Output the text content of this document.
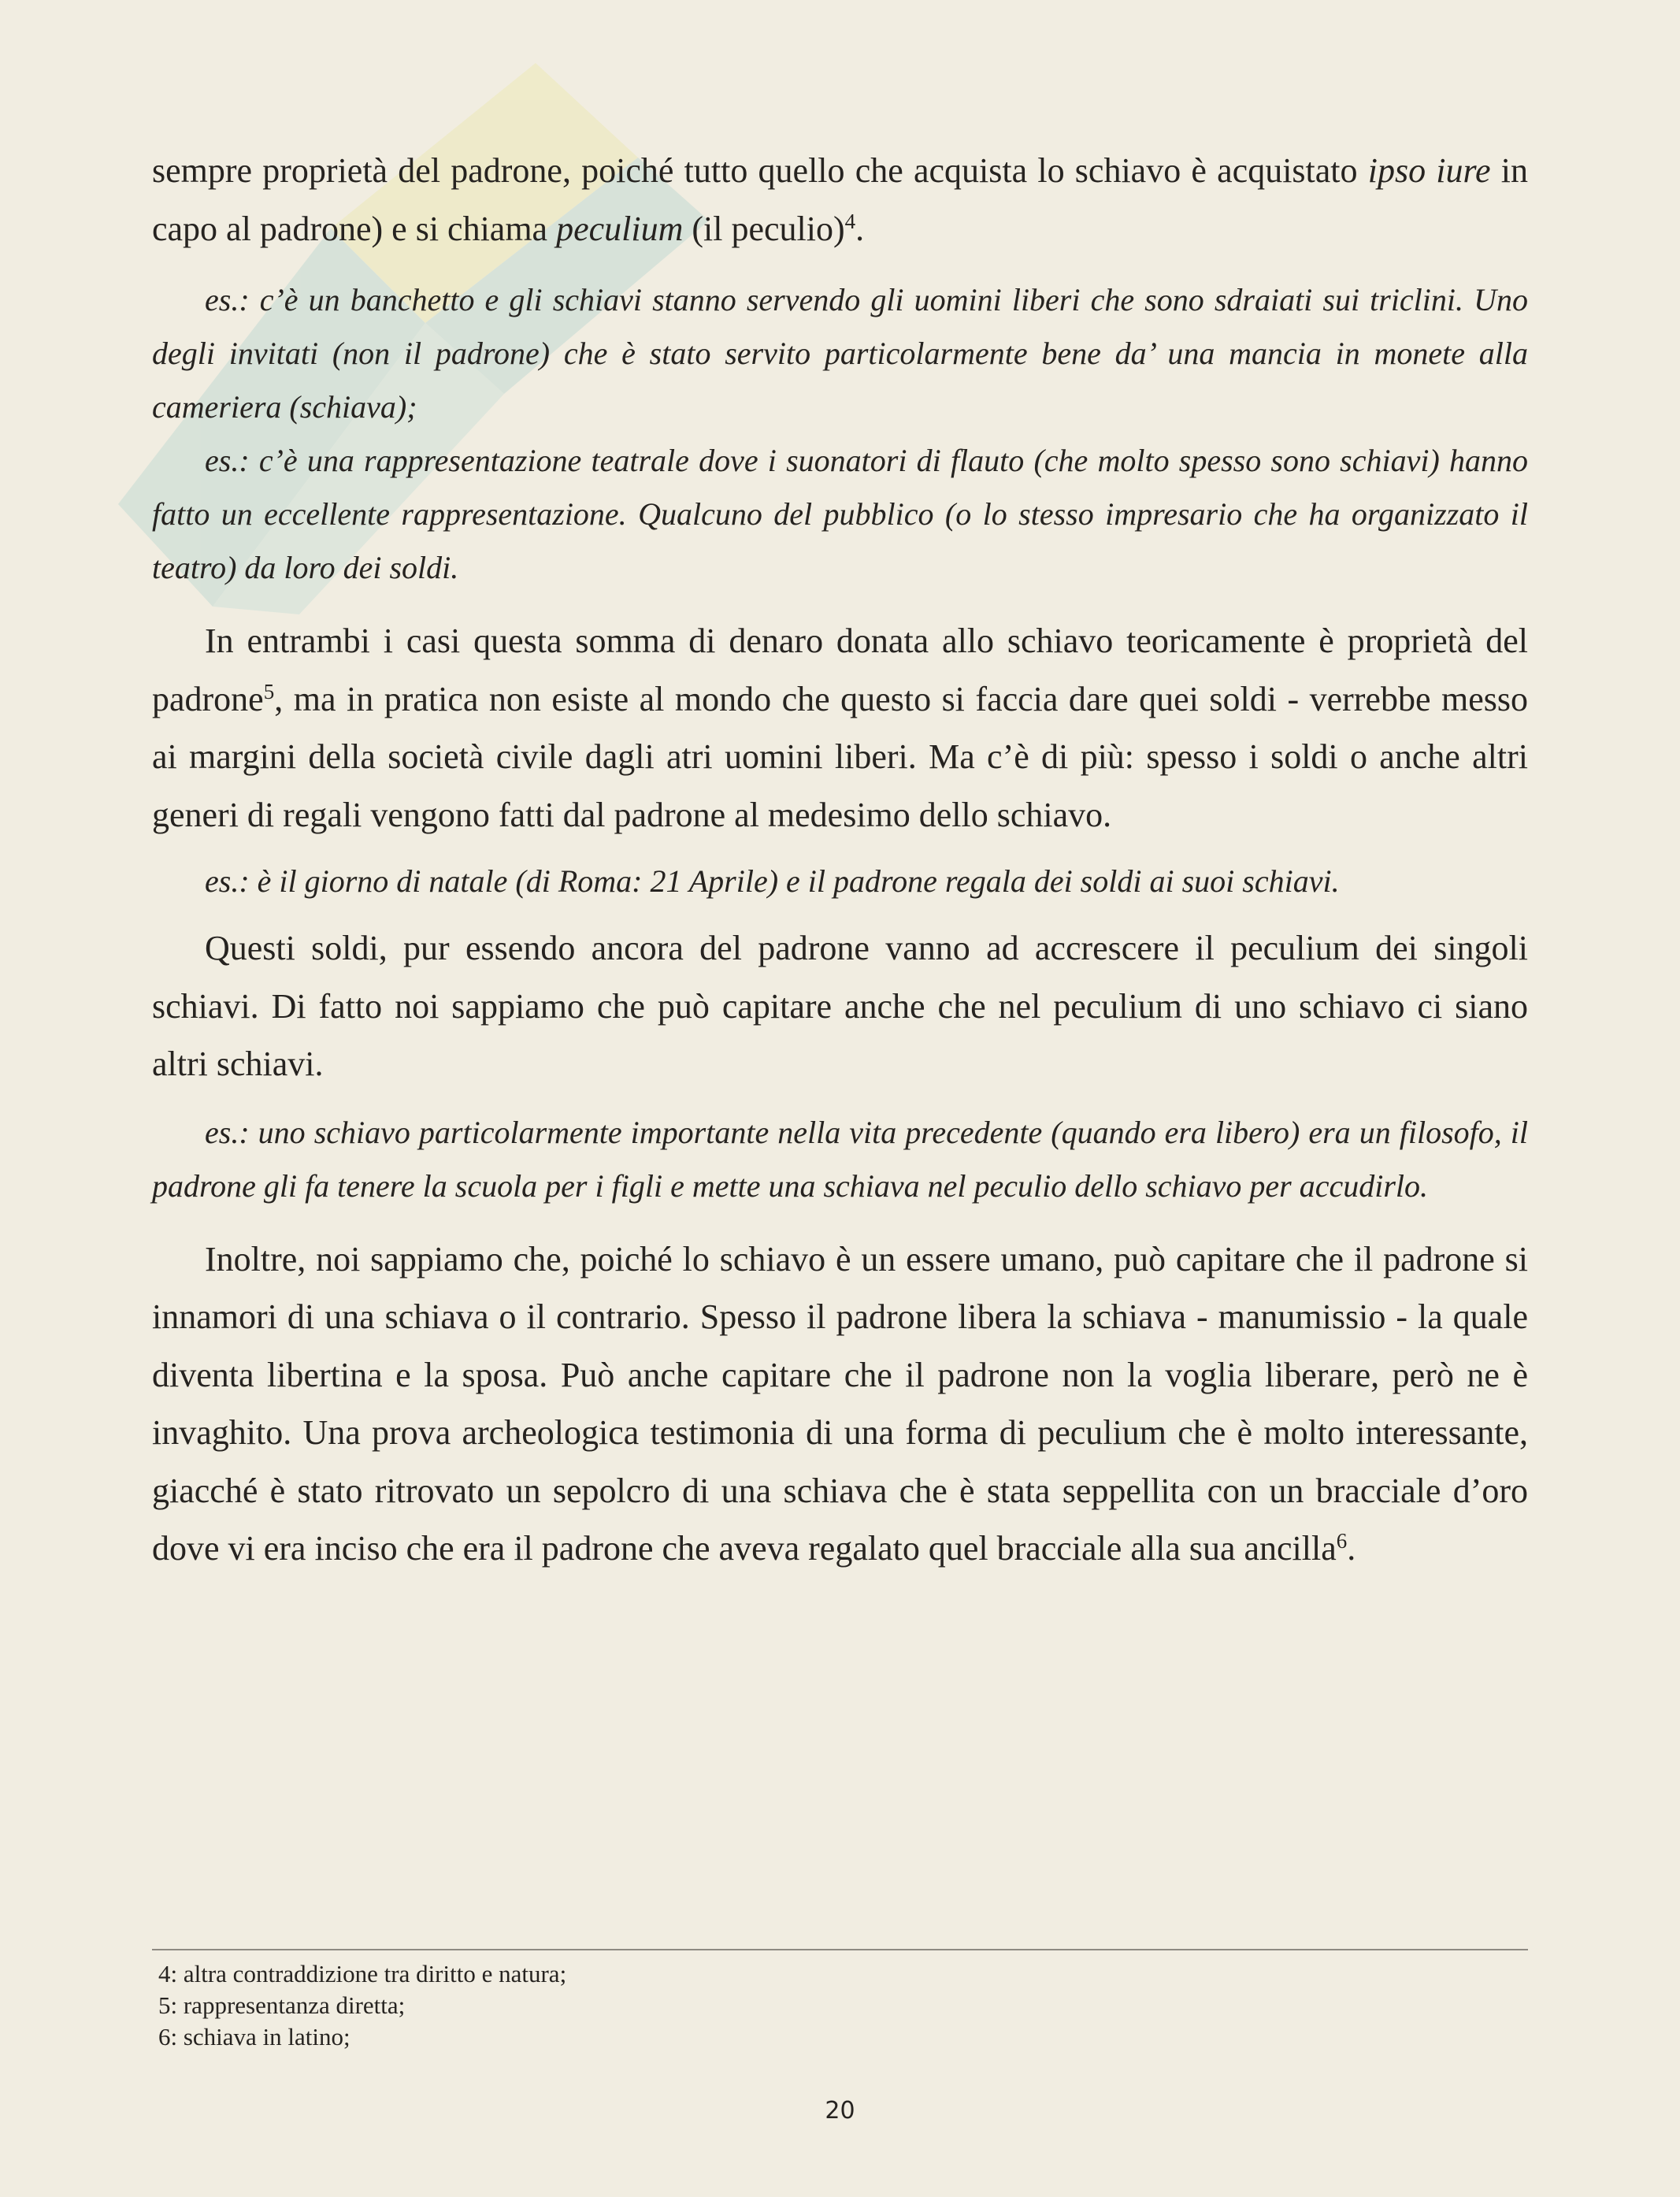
sempre proprietà del padrone, poiché tutto quello che acquista lo schiavo è acquistato ipso iure in capo al padrone) e si chiama peculium (il peculio)$^4$.

es.: c’è un banchetto e gli schiavi stanno servendo gli uomini liberi che sono sdraiati sui triclini. Uno degli invitati (non il padrone) che è stato servito particolarmente bene da’ una mancia in monete alla cameriera (schiava);

es.: c’è una rappresentazione teatrale dove i suonatori di flauto (che molto spesso sono schiavi) hanno fatto un eccellente rappresentazione. Qualcuno del pubblico (o lo stesso impresario che ha organizzato il teatro) da loro dei soldi.

In entrambi i casi questa somma di denaro donata allo schiavo teoricamente è proprietà del padrone$^5$, ma in pratica non esiste al mondo che questo si faccia dare quei soldi - verrebbe messo ai margini della società civile dagli atri uomini liberi. Ma c’è di più: spesso i soldi o anche altri generi di regali vengono fatti dal padrone al medesimo dello schiavo.

es.: è il giorno di natale (di Roma: 21 Aprile) e il padrone regala dei soldi ai suoi schiavi.

Questi soldi, pur essendo ancora del padrone vanno ad accrescere il peculium dei singoli schiavi. Di fatto noi sappiamo che può capitare anche che nel peculium di uno schiavo ci siano altri schiavi.

es.: uno schiavo particolarmente importante nella vita precedente (quando era libero) era un filosofo, il padrone gli fa tenere la scuola per i figli e mette una schiava nel peculio dello schiavo per accudirlo.

Inoltre, noi sappiamo che, poiché lo schiavo è un essere umano, può capitare che il padrone si innamori di una schiava o il contrario. Spesso il padrone libera la schiava - manumissio - la quale diventa libertina e la sposa. Può anche capitare che il padrone non la voglia liberare, però ne è invaghito. Una prova archeologica testimonia di una forma di peculium che è molto interessante, giacché è stato ritrovato un sepolcro di una schiava che è stata seppellita con un bracciale d’oro dove vi era inciso che era il padrone che aveva regalato quel bracciale alla sua ancilla$^6$.

4: altra contraddizione tra diritto e natura;
5: rappresentanza diretta;
6: schiava in latino;
20
